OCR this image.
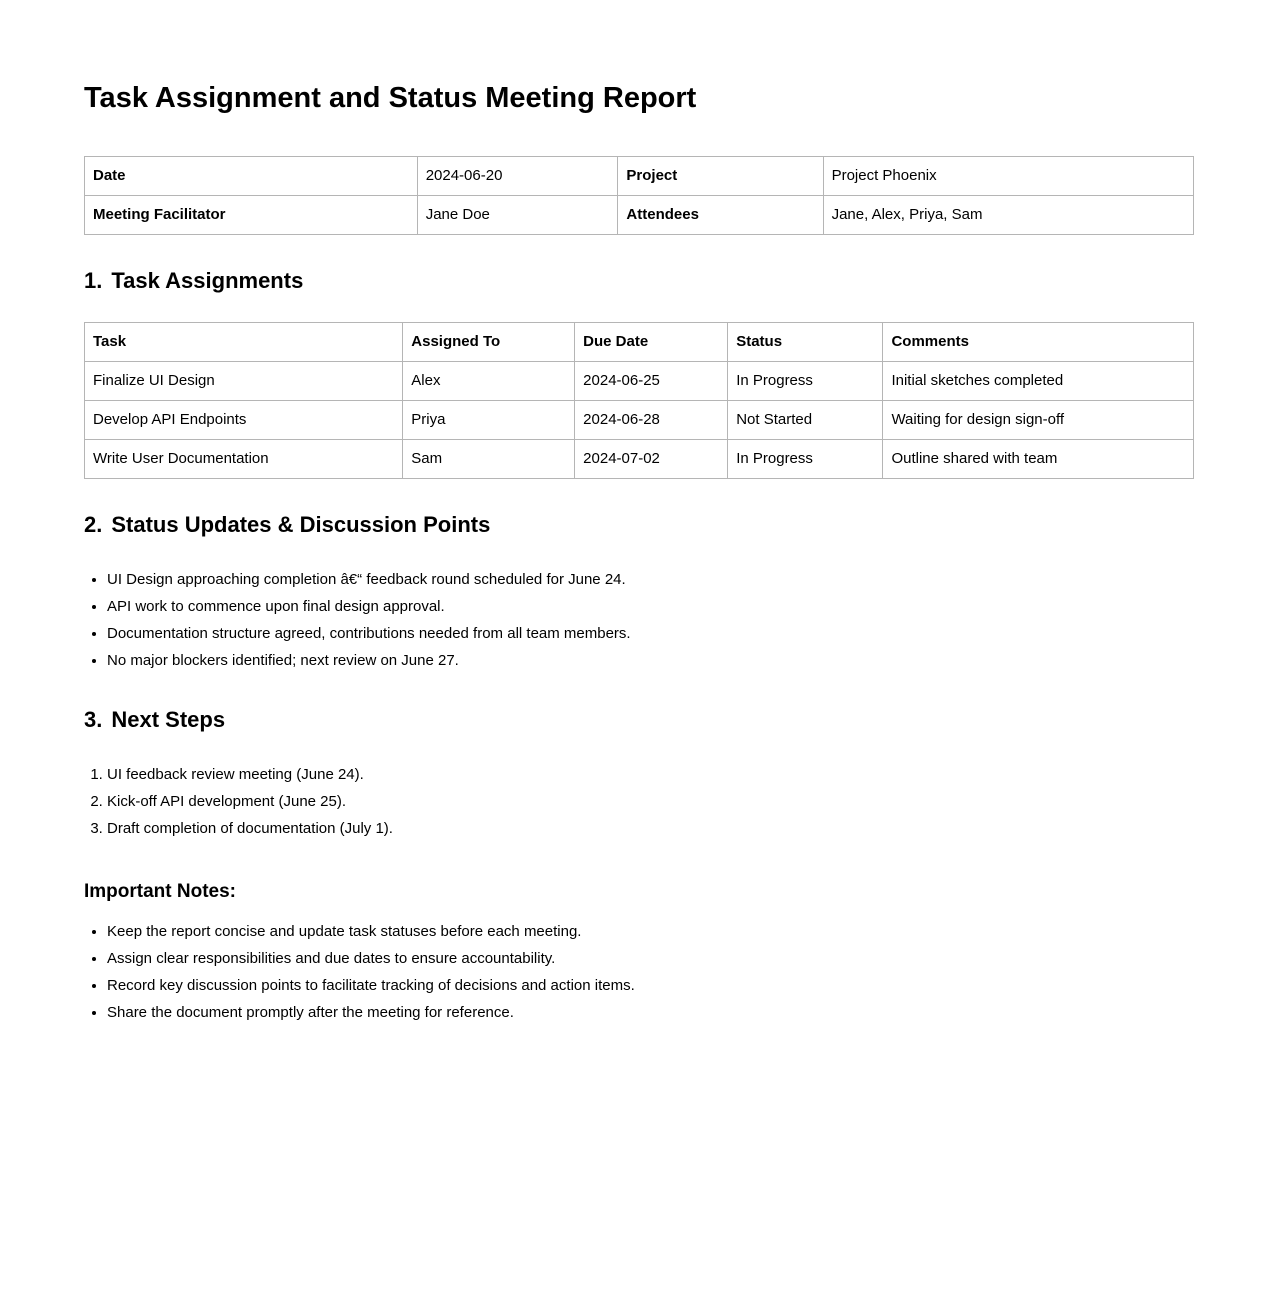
Task Assignment and Status Meeting Report
Date	2024-06-20	Project	Project Phoenix
Meeting Facilitator	Jane Doe	Attendees	Jane, Alex, Priya, Sam
1. Task Assignments
Task	Assigned To	Due Date	Status	Comments
Finalize UI Design	Alex	2024-06-25	In Progress	Initial sketches completed
Develop API Endpoints	Priya	2024-06-28	Not Started	Waiting for design sign-off
Write User Documentation	Sam	2024-07-02	In Progress	Outline shared with team
2. Status Updates & Discussion Points
• UI Design approaching completion â€“ feedback round scheduled for June 24.
• API work to commence upon final design approval.
• Documentation structure agreed, contributions needed from all team members.
• No major blockers identified; next review on June 27.
3. Next Steps
1. UI feedback review meeting (June 24).
2. Kick-off API development (June 25).
3. Draft completion of documentation (July 1).
Important Notes:
• Keep the report concise and update task statuses before each meeting.
• Assign clear responsibilities and due dates to ensure accountability.
• Record key discussion points to facilitate tracking of decisions and action items.
• Share the document promptly after the meeting for reference.
